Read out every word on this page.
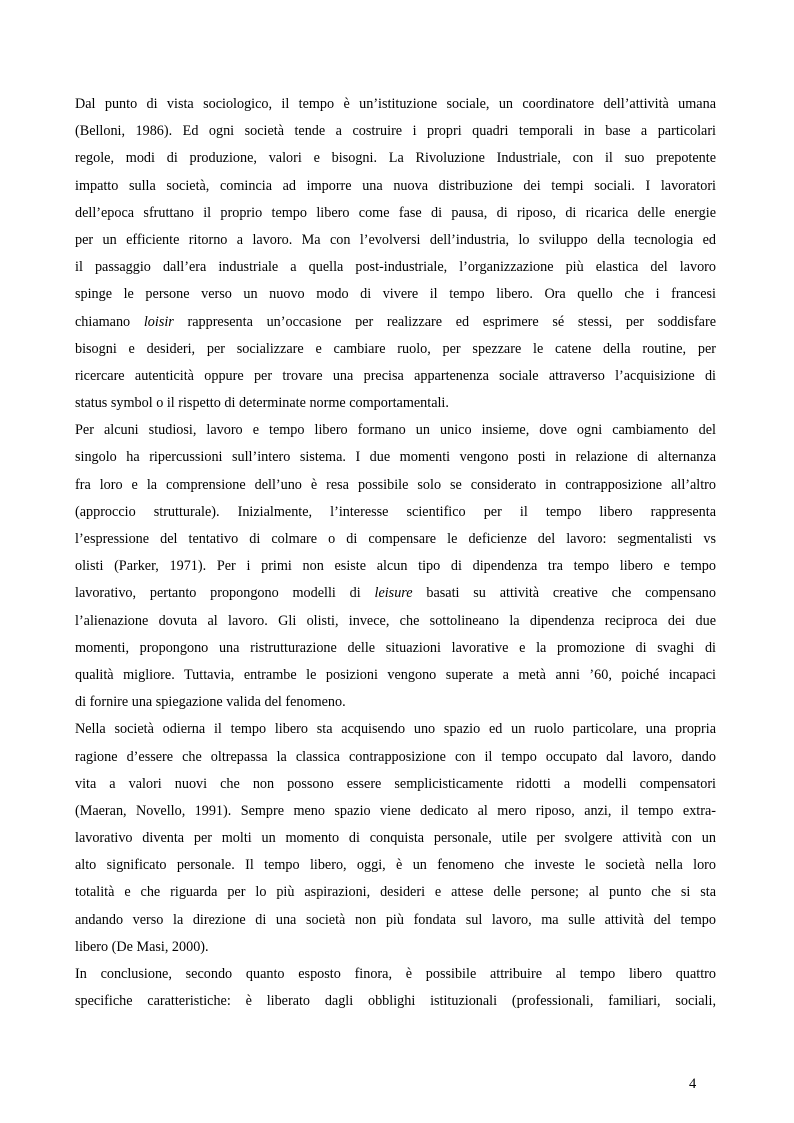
Dal punto di vista sociologico, il tempo è un’istituzione sociale, un coordinatore dell’attività umana
(Belloni, 1986). Ed ogni società tende a costruire i propri quadri temporali in base a particolari
regole, modi di produzione, valori e bisogni. La Rivoluzione Industriale, con il suo prepotente
impatto sulla società, comincia ad imporre una nuova distribuzione dei tempi sociali. I lavoratori
dell’epoca sfruttano il proprio tempo libero come fase di pausa, di riposo, di ricarica delle energie
per un efficiente ritorno a lavoro. Ma con l’evolversi dell’industria, lo sviluppo della tecnologia ed
il passaggio dall’era industriale a quella post-industriale, l’organizzazione più elastica del lavoro
spinge le persone verso un nuovo modo di vivere il tempo libero. Ora quello che i francesi
chiamano loisir rappresenta un’occasione per realizzare ed esprimere sé stessi, per soddisfare
bisogni e desideri, per socializzare e cambiare ruolo, per spezzare le catene della routine, per
ricercare autenticità oppure per trovare una precisa appartenenza sociale attraverso l’acquisizione di
status symbol o il rispetto di determinate norme comportamentali.
Per alcuni studiosi, lavoro e tempo libero formano un unico insieme, dove ogni cambiamento del
singolo ha ripercussioni sull’intero sistema. I due momenti vengono posti in relazione di alternanza
fra loro e la comprensione dell’uno è resa possibile solo se considerato in contrapposizione all’altro
(approccio strutturale). Inizialmente, l’interesse scientifico per il tempo libero rappresenta
l’espressione del tentativo di colmare o di compensare le deficienze del lavoro: segmentalisti vs
olisti (Parker, 1971). Per i primi non esiste alcun tipo di dipendenza tra tempo libero e tempo
lavorativo, pertanto propongono modelli di leisure basati su attività creative che compensano
l’alienazione dovuta al lavoro. Gli olisti, invece, che sottolineano la dipendenza reciproca dei due
momenti, propongono una ristrutturazione delle situazioni lavorative e la promozione di svaghi di
qualità migliore. Tuttavia, entrambe le posizioni vengono superate a metà anni ’60, poiché incapaci
di fornire una spiegazione valida del fenomeno.
Nella società odierna il tempo libero sta acquisendo uno spazio ed un ruolo particolare, una propria
ragione d’essere che oltrepassa la classica contrapposizione con il tempo occupato dal lavoro, dando
vita a valori nuovi che non possono essere semplicisticamente ridotti a modelli compensatori
(Maeran, Novello, 1991). Sempre meno spazio viene dedicato al mero riposo, anzi, il tempo extra-
lavorativo diventa per molti un momento di conquista personale, utile per svolgere attività con un
alto significato personale. Il tempo libero, oggi, è un fenomeno che investe le società nella loro
totalità e che riguarda per lo più aspirazioni, desideri e attese delle persone; al punto che si sta
andando verso la direzione di una società non più fondata sul lavoro, ma sulle attività del tempo
libero (De Masi, 2000).
In conclusione, secondo quanto esposto finora, è possibile attribuire al tempo libero quattro
specifiche caratteristiche: è liberato dagli obblighi istituzionali (professionali, familiari, sociali,
4
